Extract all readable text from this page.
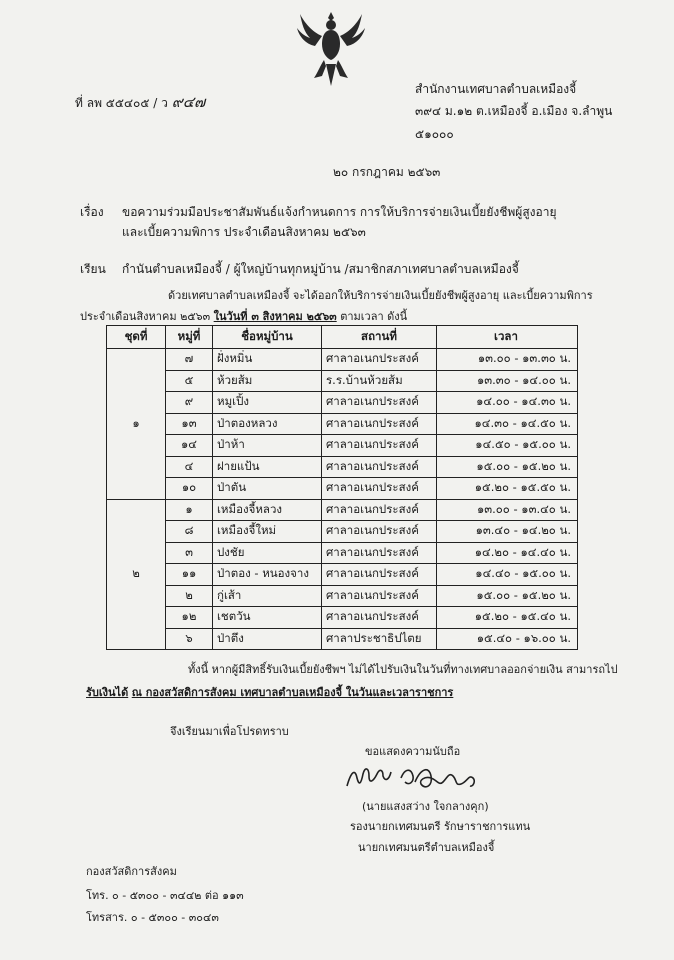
ที่ ลพ ๕๕๔๐๕ / ว ๙๔๗
สำนักงานเทศบาลตำบลเหมืองจี้
๓๙๔ ม.๑๒ ต.เหมืองจี้ อ.เมือง จ.ลำพูน
๕๑๐๐๐
๒๐ กรกฎาคม ๒๕๖๓
เรื่อง ขอความร่วมมือประชาสัมพันธ์แจ้งกำหนดการ การให้บริการจ่ายเงินเบี้ยยังชีพผู้สูงอายุ
และเบี้ยความพิการ ประจำเดือนสิงหาคม ๒๕๖๓
เรียน กำนันตำบลเหมืองจี้ / ผู้ใหญ่บ้านทุกหมู่บ้าน /สมาชิกสภาเทศบาลตำบลเหมืองจี้
ด้วยเทศบาลตำบลเหมืองจี้ จะได้ออกให้บริการจ่ายเงินเบี้ยยังชีพผู้สูงอายุ และเบี้ยความพิการ
ประจำเดือนสิงหาคม ๒๕๖๓ ในวันที่ ๓ สิงหาคม ๒๕๖๓ ตามเวลา ดังนี้
ชุดที่	หมู่ที่	ชื่อหมู่บ้าน	สถานที่	เวลา
	๗	ฝั่งหมิ่น	ศาลาอเนกประสงค์	๑๓.๐๐ - ๑๓.๓๐ น.
	๕	ห้วยส้ม	ร.ร.บ้านห้วยส้ม	๑๓.๓๐ - ๑๔.๐๐ น.
	๙	หมูเปิ้ง	ศาลาอเนกประสงค์	๑๔.๐๐ - ๑๔.๓๐ น.
๑	๑๓	ป่าตองหลวง	ศาลาอเนกประสงค์	๑๔.๓๐ - ๑๔.๕๐ น.
	๑๔	ป่าห้า	ศาลาอเนกประสงค์	๑๔.๕๐ - ๑๕.๐๐ น.
	๔	ฝายแป้น	ศาลาอเนกประสงค์	๑๕.๐๐ - ๑๕.๒๐ น.
	๑๐	ป่าตัน	ศาลาอเนกประสงค์	๑๕.๒๐ - ๑๕.๕๐ น.
	๑	เหมืองจี้หลวง	ศาลาอเนกประสงค์	๑๓.๐๐ - ๑๓.๔๐ น.
	๘	เหมืองจี้ใหม่	ศาลาอเนกประสงค์	๑๓.๔๐ - ๑๔.๒๐ น.
	๓	ปงชัย	ศาลาอเนกประสงค์	๑๔.๒๐ - ๑๔.๔๐ น.
๒	๑๑	ป่าตอง - หนองจาง	ศาลาอเนกประสงค์	๑๔.๔๐ - ๑๕.๐๐ น.
	๒	กู่เส้า	ศาลาอเนกประสงค์	๑๕.๐๐ - ๑๕.๒๐ น.
	๑๒	เชตวัน	ศาลาอเนกประสงค์	๑๕.๒๐ - ๑๕.๔๐ น.
	๖	ป่าตึง	ศาลาประชาธิปไตย	๑๕.๔๐ - ๑๖.๐๐ น.
ทั้งนี้ หากผู้มีสิทธิ์รับเงินเบี้ยยังชีพฯ ไม่ได้ไปรับเงินในวันที่ทางเทศบาลออกจ่ายเงิน สามารถไป
รับเงินได้ ณ กองสวัสดิการสังคม เทศบาลตำบลเหมืองจี้ ในวันและเวลาราชการ
จึงเรียนมาเพื่อโปรดทราบ
ขอแสดงความนับถือ
(นายแสงสว่าง ใจกลางคุก)
รองนายกเทศมนตรี รักษาราชการแทน
นายกเทศมนตรีตำบลเหมืองจี้
กองสวัสดิการสังคม
โทร. ๐ - ๕๓๐๐ - ๓๔๔๒ ต่อ ๑๑๓
โทรสาร. ๐ - ๕๓๐๐ - ๓๐๔๓
